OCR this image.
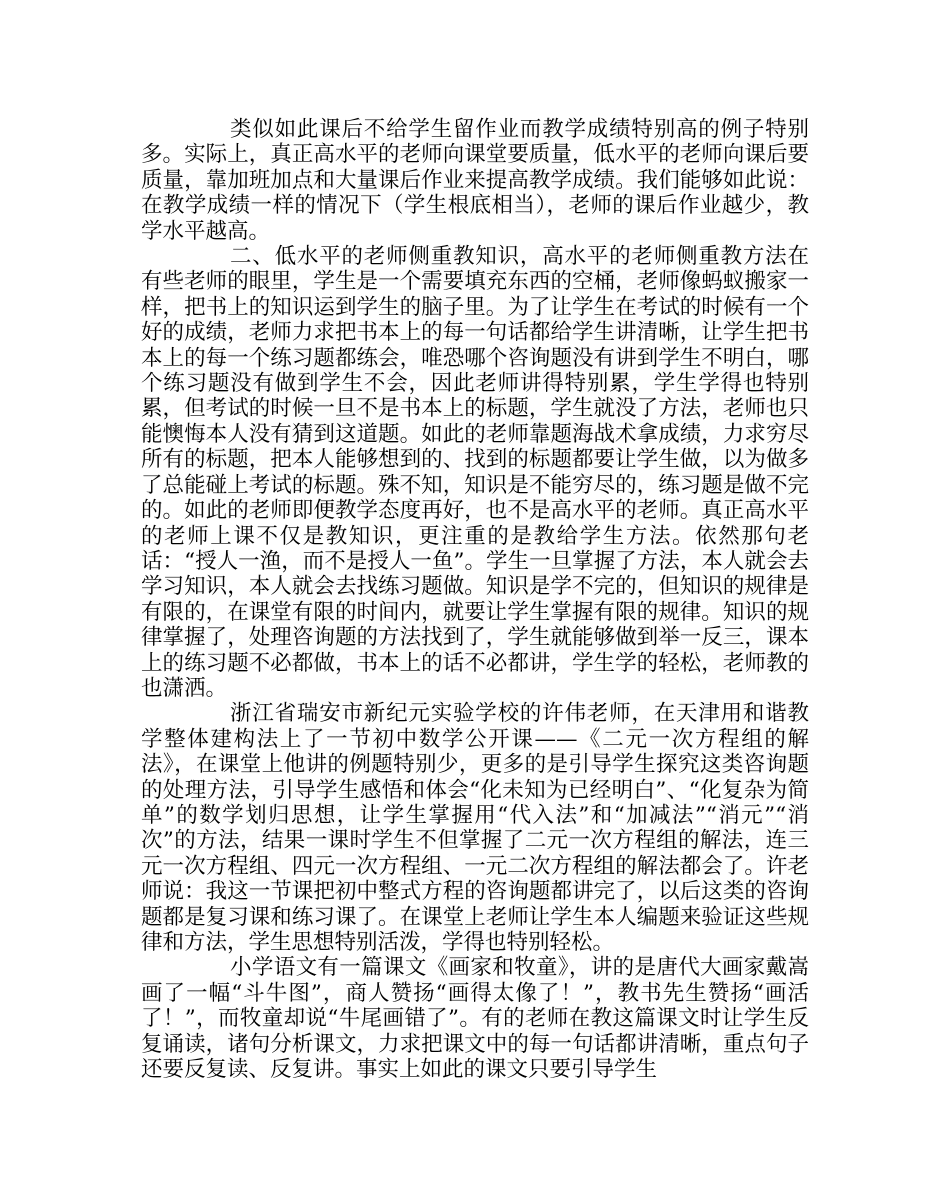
类似如此课后不给学生留作业而教学成绩特别高的例子特别多。实际上，真正高水平的老师向课堂要质量，低水平的老师向课后要质量，靠加班加点和大量课后作业来提高教学成绩。我们能够如此说：在教学成绩一样的情况下（学生根底相当），老师的课后作业越少，教学水平越高。

二、低水平的老师侧重教知识，高水平的老师侧重教方法在有些老师的眼里，学生是一个需要填充东西的空桶，老师像蚂蚁搬家一样，把书上的知识运到学生的脑子里。为了让学生在考试的时候有一个好的成绩，老师力求把书本上的每一句话都给学生讲清晰，让学生把书本上的每一个练习题都练会，唯恐哪个咨询题没有讲到学生不明白，哪个练习题没有做到学生不会，因此老师讲得特别累，学生学得也特别累，但考试的时候一旦不是书本上的标题，学生就没了方法，老师也只能懊悔本人没有猜到这道题。如此的老师靠题海战术拿成绩，力求穷尽所有的标题，把本人能够想到的、找到的标题都要让学生做，以为做多了总能碰上考试的标题。殊不知，知识是不能穷尽的，练习题是做不完的。如此的老师即便教学态度再好，也不是高水平的老师。真正高水平的老师上课不仅是教知识，更注重的是教给学生方法。依然那句老话：“授人一渔，而不是授人一鱼”。学生一旦掌握了方法，本人就会去学习知识，本人就会去找练习题做。知识是学不完的，但知识的规律是有限的，在课堂有限的时间内，就要让学生掌握有限的规律。知识的规律掌握了，处理咨询题的方法找到了，学生就能够做到举一反三，课本上的练习题不必都做，书本上的话不必都讲，学生学的轻松，老师教的也潇洒。

浙江省瑞安市新纪元实验学校的许伟老师，在天津用和谐教学整体建构法上了一节初中数学公开课——《二元一次方程组的解法》，在课堂上他讲的例题特别少，更多的是引导学生探究这类咨询题的处理方法，引导学生感悟和体会“化未知为已经明白”、“化复杂为简单”的数学划归思想，让学生掌握用“代入法”和“加减法”“消元”“消次”的方法，结果一课时学生不但掌握了二元一次方程组的解法，连三元一次方程组、四元一次方程组、一元二次方程组的解法都会了。许老师说：我这一节课把初中整式方程的咨询题都讲完了，以后这类的咨询题都是复习课和练习课了。在课堂上老师让学生本人编题来验证这些规律和方法，学生思想特别活泼，学得也特别轻松。

小学语文有一篇课文《画家和牧童》，讲的是唐代大画家戴嵩画了一幅“斗牛图”，商人赞扬“画得太像了！”，教书先生赞扬“画活了！”，而牧童却说“牛尾画错了”。有的老师在教这篇课文时让学生反复诵读，诸句分析课文，力求把课文中的每一句话都讲清晰，重点句子还要反复读、反复讲。事实上如此的课文只要引导学生
